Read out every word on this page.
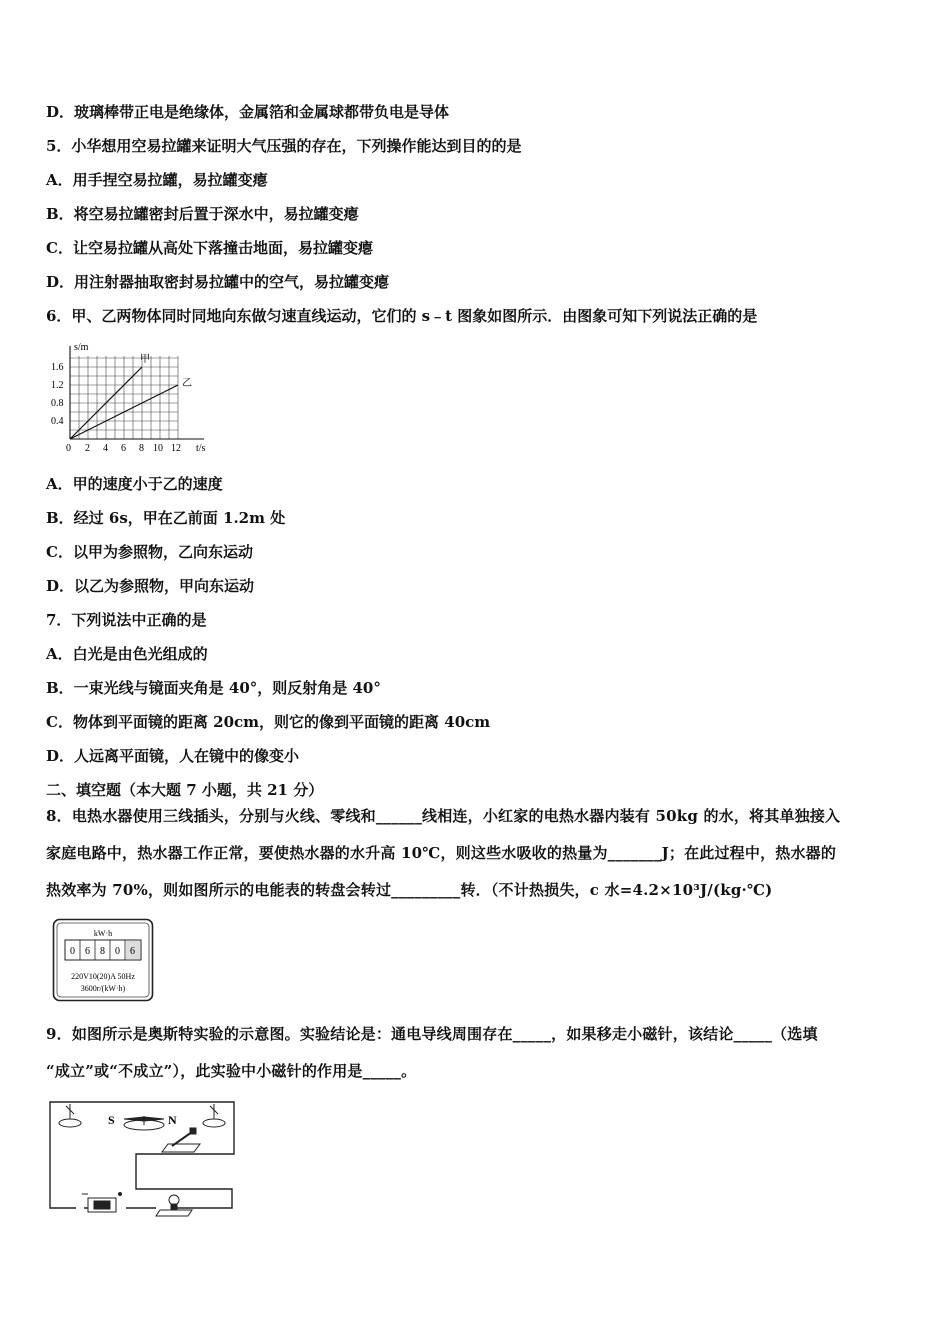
D．玻璃棒带正电是绝缘体，金属箔和金属球都带负电是导体
5．小华想用空易拉罐来证明大气压强的存在，下列操作能达到目的的是
A．用手捏空易拉罐，易拉罐变瘪
B．将空易拉罐密封后置于深水中，易拉罐变瘪
C．让空易拉罐从高处下落撞击地面，易拉罐变瘪
D．用注射器抽取密封易拉罐中的空气，易拉罐变瘪
6．甲、乙两物体同时同地向东做匀速直线运动，它们的 s﹣t 图象如图所示．由图象可知下列说法正确的是
s/m
t/s
甲
乙
0.4
0.8
1.2
1.6
0 2 4 6 8 10 12
A．甲的速度小于乙的速度
B．经过 6s，甲在乙前面 1.2m 处
C．以甲为参照物，乙向东运动
D．以乙为参照物，甲向东运动
7．下列说法中正确的是
A．白光是由色光组成的
B．一束光线与镜面夹角是 40°，则反射角是 40°
C．物体到平面镜的距离 20cm，则它的像到平面镜的距离 40cm
D．人远离平面镜，人在镜中的像变小
二、填空题（本大题 7 小题，共 21 分）
8．电热水器使用三线插头，分别与火线、零线和______线相连，小红家的电热水器内装有 50kg 的水，将其单独接入
家庭电路中，热水器工作正常，要使热水器的水升高 10℃，则这些水吸收的热量为_______J；在此过程中，热水器的
热效率为 70%，则如图所示的电能表的转盘会转过_________转．（不计热损失，c 水=4.2×10³J/(kg·℃)
kW·h
0 6 8 0 6
220V10(20)A 50Hz
3600r/(kW·h)
9．如图所示是奥斯特实验的示意图。实验结论是：通电导线周围存在_____，如果移走小磁针，该结论_____（选填
“成立”或“不成立”），此实验中小磁针的作用是_____。
S	N
